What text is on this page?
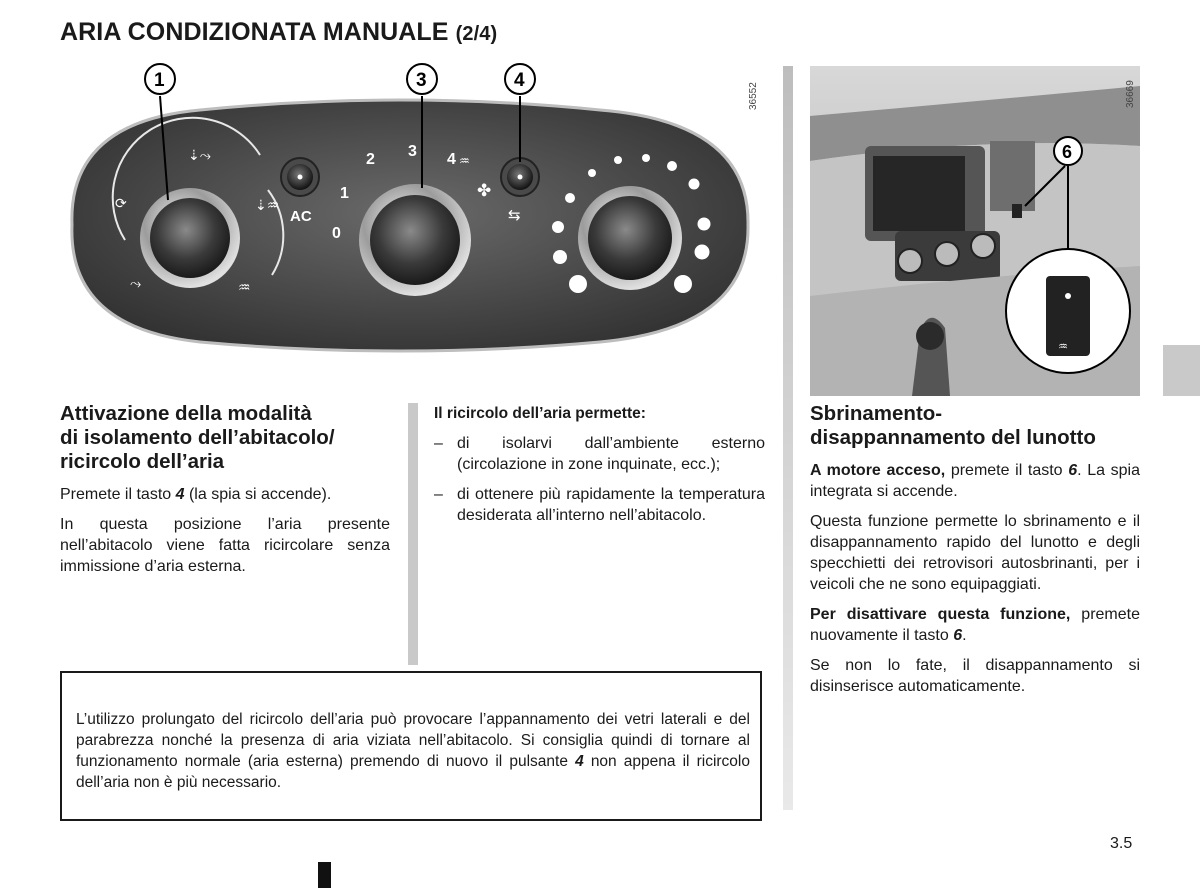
ARIA CONDIZIONATA MANUALE (2/4)
⇣⤳
⟳	⇣♒
⤳	♒
AC
0
1
2 3 4 ♒
✤
⇆
1	3	4
36552
6
♒
36669
Attivazione della modalità
di isolamento dell’abitacolo/
ricircolo dell’aria

Premete il tasto 4 (la spia si accende).

In questa posizione l’aria presente nell’abitacolo viene fatta ricircolare senza immissione d’aria esterna.

Il ricircolo dell’aria permette:

– di isolarvi dall’ambiente esterno (circolazione in zone inquinate, ecc.);

– di ottenere più rapidamente la temperatura desiderata all’interno nell’abitacolo.

L’utilizzo prolungato del ricircolo dell’aria può provocare l’appannamento dei vetri laterali e del parabrezza nonché la presenza di aria viziata nell’abitacolo. Si consiglia quindi di tornare al funzionamento normale (aria esterna) premendo di nuovo il pulsante 4 non appena il ricircolo dell’aria non è più necessario.

Sbrinamento-
disappannamento del lunotto

A motore acceso, premete il tasto 6. La spia integrata si accende.

Questa funzione permette lo sbrinamento e il disappannamento rapido del lunotto e degli specchietti dei retrovisori autosbrinanti, per i veicoli che ne sono equipaggiati.

Per disattivare questa funzione, premete nuovamente il tasto 6.

Se non lo fate, il disappannamento si disinserisce automaticamente.

3.5
